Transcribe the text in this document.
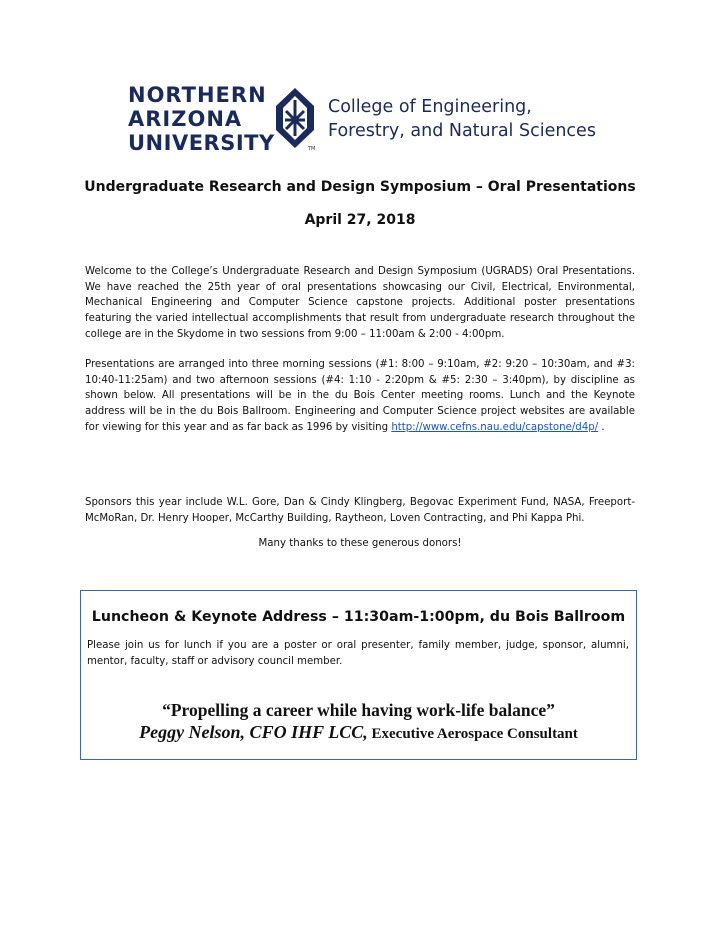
NORTHERN
ARIZONA
UNIVERSITY	TM
College of Engineering,
Forestry, and Natural Sciences
Undergraduate Research and Design Symposium – Oral Presentations
April 27, 2018

Welcome to the College’s Undergraduate Research and Design Symposium (UGRADS) Oral Presentations. We have reached the 25th year of oral presentations showcasing our Civil, Electrical, Environmental, Mechanical Engineering and Computer Science capstone projects. Additional poster presentations featuring the varied intellectual accomplishments that result from undergraduate research throughout the college are in the Skydome in two sessions from 9:00 – 11:00am & 2:00 - 4:00pm.

Presentations are arranged into three morning sessions (#1: 8:00 – 9:10am, #2: 9:20 – 10:30am, and #3: 10:40-11:25am) and two afternoon sessions (#4: 1:10 - 2:20pm & #5: 2:30 – 3:40pm), by discipline as shown below. All presentations will be in the du Bois Center meeting rooms. Lunch and the Keynote address will be in the du Bois Ballroom. Engineering and Computer Science project websites are available for viewing for this year and as far back as 1996 by visiting http://www.cefns.nau.edu/capstone/d4p/ .

Sponsors this year include W.L. Gore, Dan & Cindy Klingberg, Begovac Experiment Fund, NASA, Freeport-McMoRan, Dr. Henry Hooper, McCarthy Building, Raytheon, Loven Contracting, and Phi Kappa Phi.

Many thanks to these generous donors!
Luncheon & Keynote Address – 11:30am-1:00pm, du Bois Ballroom

Please join us for lunch if you are a poster or oral presenter, family member, judge, sponsor, alumni, mentor, faculty, staff or advisory council member.

“Propelling a career while having work-life balance”
Peggy Nelson, CFO IHF LCC, Executive Aerospace Consultant
